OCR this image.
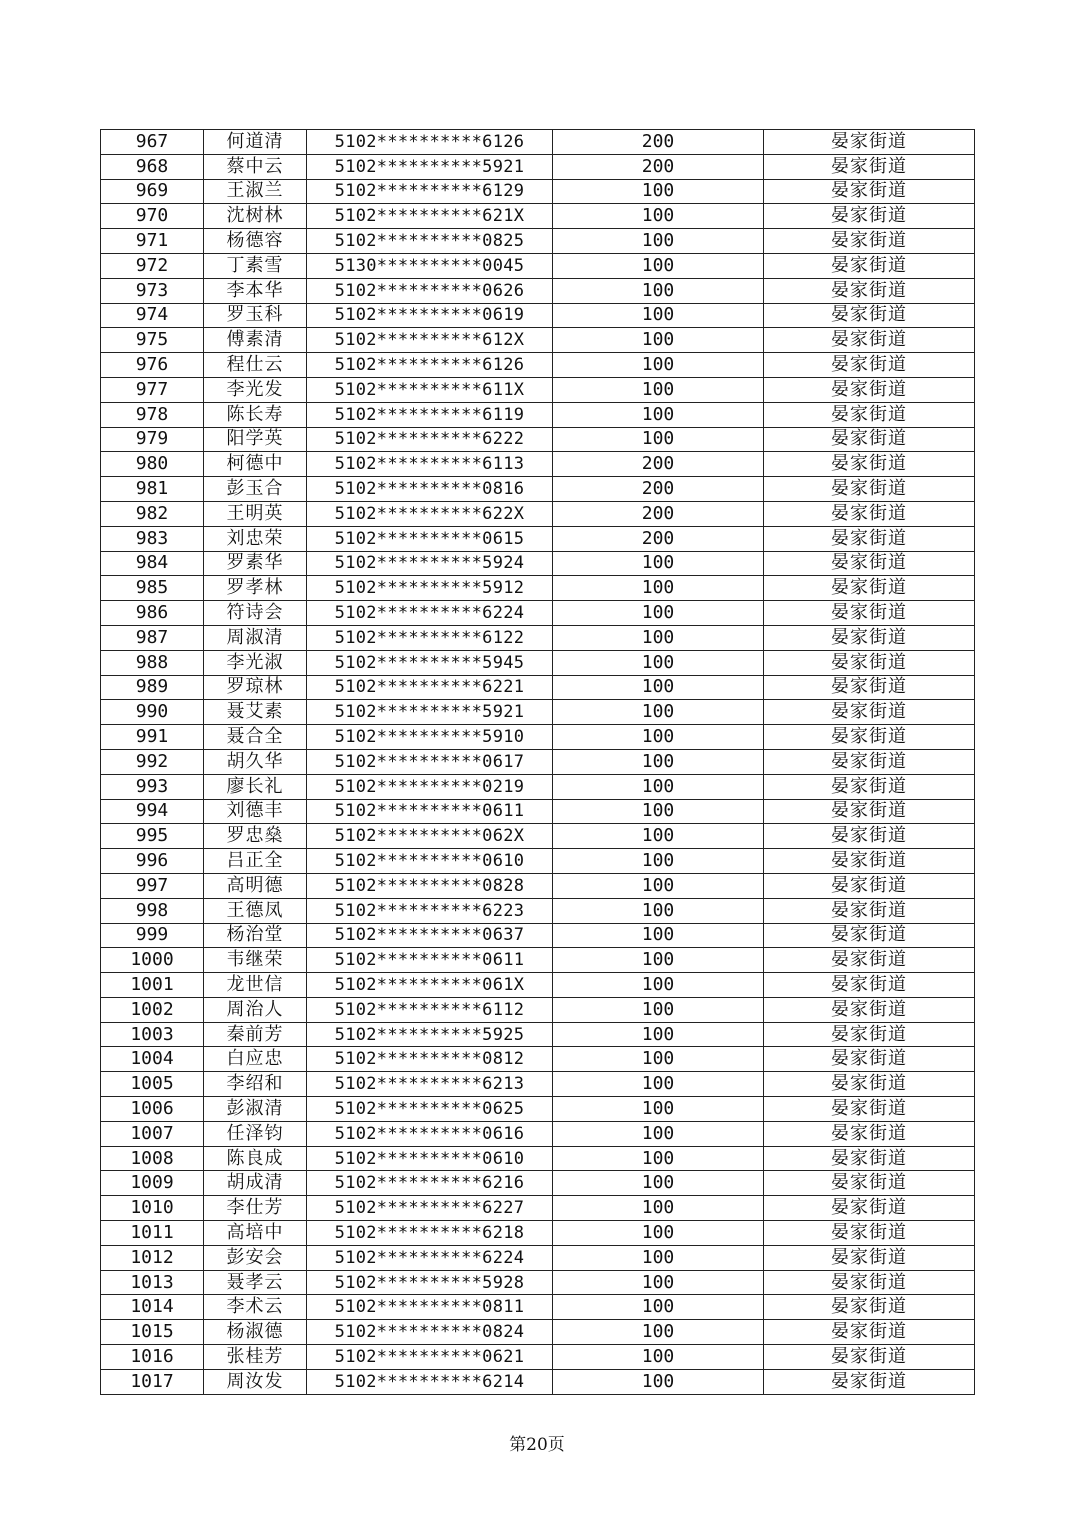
967	何道清	5102**********6126	200	晏家街道
968	蔡中云	5102**********5921	200	晏家街道
969	王淑兰	5102**********6129	100	晏家街道
970	沈树林	5102**********621X	100	晏家街道
971	杨德容	5102**********0825	100	晏家街道
972	丁素雪	5130**********0045	100	晏家街道
973	李本华	5102**********0626	100	晏家街道
974	罗玉科	5102**********0619	100	晏家街道
975	傅素清	5102**********612X	100	晏家街道
976	程仕云	5102**********6126	100	晏家街道
977	李光发	5102**********611X	100	晏家街道
978	陈长寿	5102**********6119	100	晏家街道
979	阳学英	5102**********6222	100	晏家街道
980	柯德中	5102**********6113	200	晏家街道
981	彭玉合	5102**********0816	200	晏家街道
982	王明英	5102**********622X	200	晏家街道
983	刘忠荣	5102**********0615	200	晏家街道
984	罗素华	5102**********5924	100	晏家街道
985	罗孝林	5102**********5912	100	晏家街道
986	符诗会	5102**********6224	100	晏家街道
987	周淑清	5102**********6122	100	晏家街道
988	李光淑	5102**********5945	100	晏家街道
989	罗琼林	5102**********6221	100	晏家街道
990	聂艾素	5102**********5921	100	晏家街道
991	聂合全	5102**********5910	100	晏家街道
992	胡久华	5102**********0617	100	晏家街道
993	廖长礼	5102**********0219	100	晏家街道
994	刘德丰	5102**********0611	100	晏家街道
995	罗忠燊	5102**********062X	100	晏家街道
996	吕正全	5102**********0610	100	晏家街道
997	高明德	5102**********0828	100	晏家街道
998	王德凤	5102**********6223	100	晏家街道
999	杨治堂	5102**********0637	100	晏家街道
1000	韦继荣	5102**********0611	100	晏家街道
1001	龙世信	5102**********061X	100	晏家街道
1002	周治人	5102**********6112	100	晏家街道
1003	秦前芳	5102**********5925	100	晏家街道
1004	白应忠	5102**********0812	100	晏家街道
1005	李绍和	5102**********6213	100	晏家街道
1006	彭淑清	5102**********0625	100	晏家街道
1007	任泽钧	5102**********0616	100	晏家街道
1008	陈良成	5102**********0610	100	晏家街道
1009	胡成清	5102**********6216	100	晏家街道
1010	李仕芳	5102**********6227	100	晏家街道
1011	高培中	5102**********6218	100	晏家街道
1012	彭安会	5102**********6224	100	晏家街道
1013	聂孝云	5102**********5928	100	晏家街道
1014	李术云	5102**********0811	100	晏家街道
1015	杨淑德	5102**********0824	100	晏家街道
1016	张桂芳	5102**********0621	100	晏家街道
1017	周汝发	5102**********6214	100	晏家街道
第20页
